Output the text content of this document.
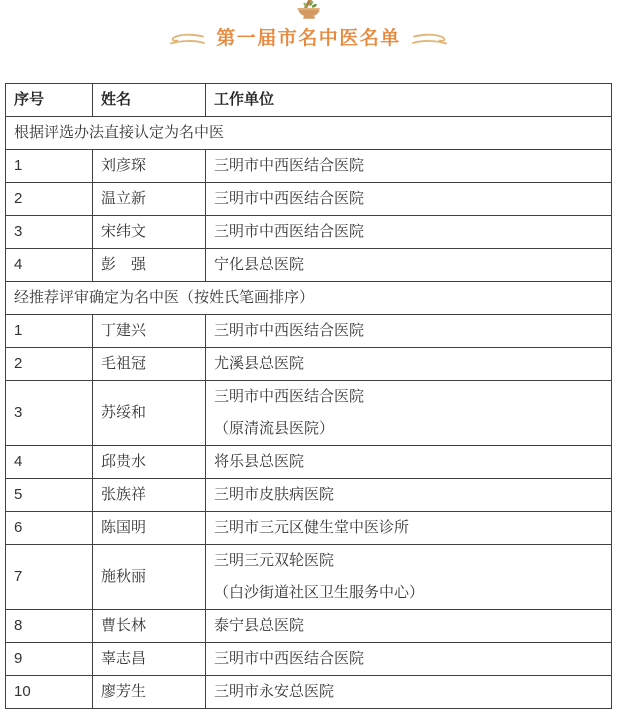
第一届市名中医名单
序号	姓名	工作单位
根据评选办法直接认定为名中医		
1	刘彦琛	三明市中西医结合医院

2	温立新	三明市中西医结合医院

3	宋纬文	三明市中西医结合医院

4	彭　强	宁化县总医院

经推荐评审确定为名中医（按姓氏笔画排序）		
1	丁建兴	三明市中西医结合医院

2	毛祖冠	尤溪县总医院

3	苏绥和	三明市中西医结合医院
（原清流县医院）

4	邱贵水	将乐县总医院

5	张族祥	三明市皮肤病医院

6	陈国明	三明市三元区健生堂中医诊所

7	施秋丽	三明三元双轮医院
（白沙街道社区卫生服务中心）

8	曹长林	泰宁县总医院

9	辜志昌	三明市中西医结合医院

10	廖芳生	三明市永安总医院
